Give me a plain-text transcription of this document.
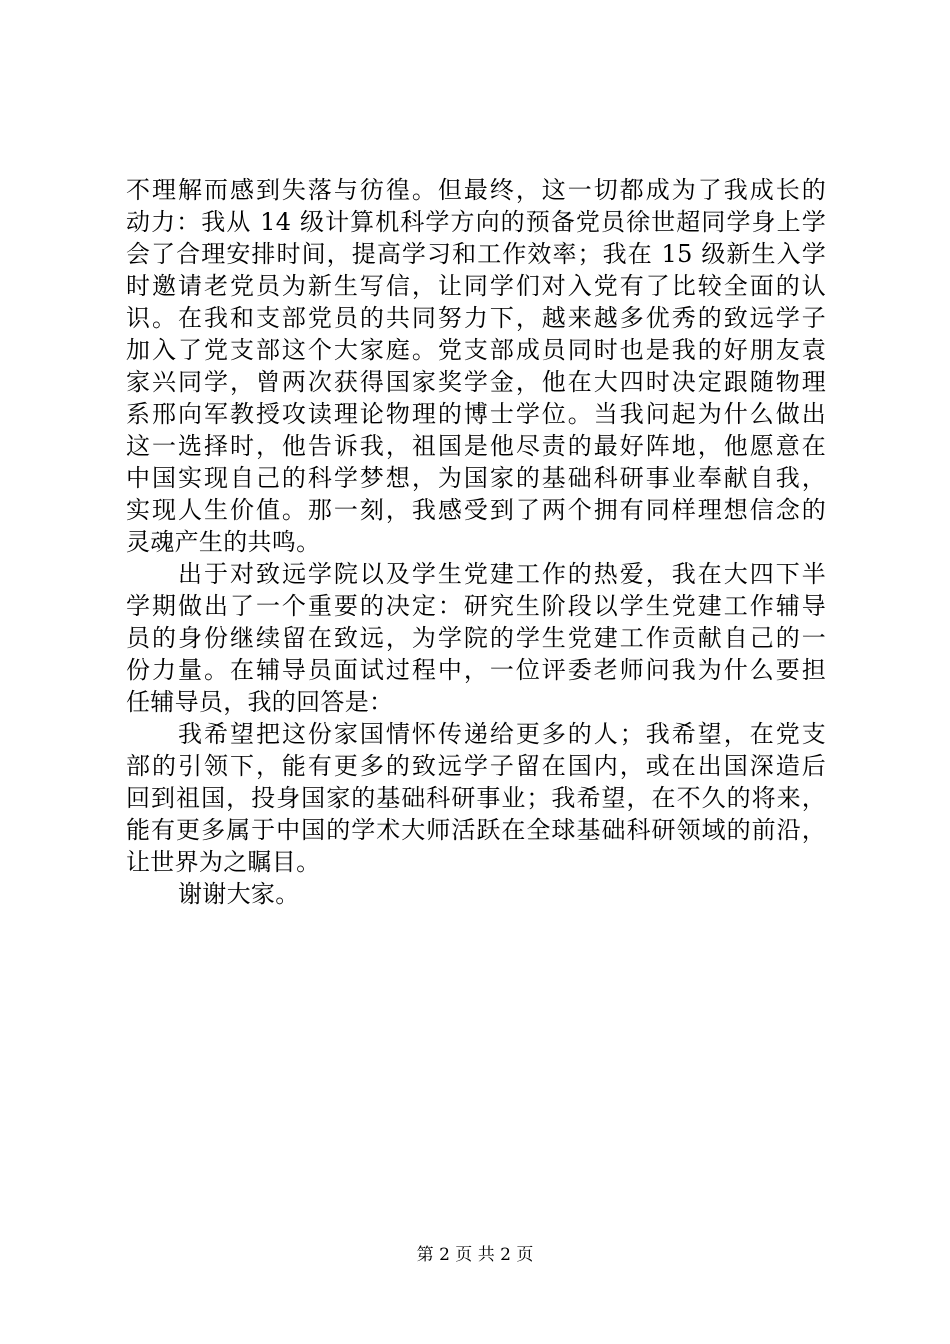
不理解而感到失落与彷徨。但最终，这一切都成为了我成长的
动力：我从 14 级计算机科学方向的预备党员徐世超同学身上学
会了合理安排时间，提高学习和工作效率；我在 15 级新生入学
时邀请老党员为新生写信，让同学们对入党有了比较全面的认
识。在我和支部党员的共同努力下，越来越多优秀的致远学子
加入了党支部这个大家庭。党支部成员同时也是我的好朋友袁
家兴同学，曾两次获得国家奖学金，他在大四时决定跟随物理
系邢向军教授攻读理论物理的博士学位。当我问起为什么做出
这一选择时，他告诉我，祖国是他尽责的最好阵地，他愿意在
中国实现自己的科学梦想，为国家的基础科研事业奉献自我，
实现人生价值。那一刻，我感受到了两个拥有同样理想信念的
灵魂产生的共鸣。
出于对致远学院以及学生党建工作的热爱，我在大四下半
学期做出了一个重要的决定：研究生阶段以学生党建工作辅导
员的身份继续留在致远，为学院的学生党建工作贡献自己的一
份力量。在辅导员面试过程中，一位评委老师问我为什么要担
任辅导员，我的回答是：
我希望把这份家国情怀传递给更多的人；我希望，在党支
部的引领下，能有更多的致远学子留在国内，或在出国深造后
回到祖国，投身国家的基础科研事业；我希望，在不久的将来，
能有更多属于中国的学术大师活跃在全球基础科研领域的前沿，
让世界为之瞩目。
谢谢大家。
第 2 页 共 2 页
